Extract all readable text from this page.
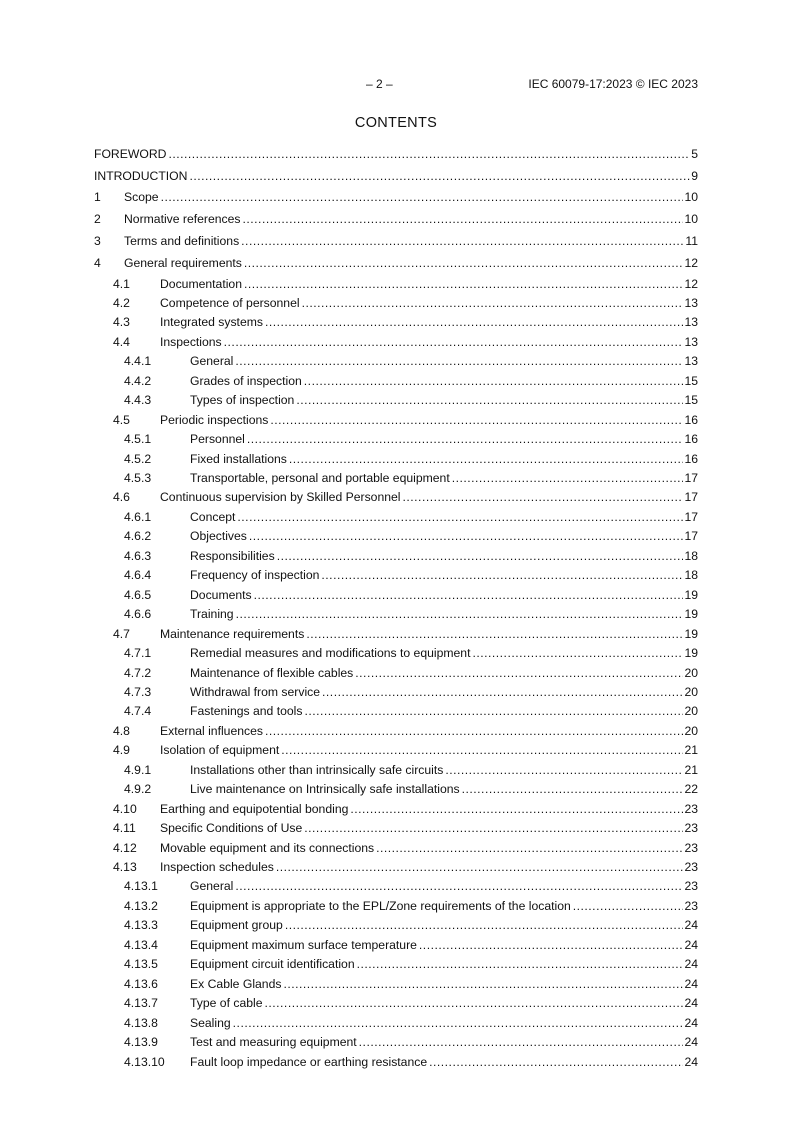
– 2 –	IEC 60079-17:2023 © IEC 2023
CONTENTS
FOREWORD .....	5
INTRODUCTION .....	9
1 Scope .....	10
2 Normative references .....	10
3 Terms and definitions .....	11
4 General requirements .....	12
4.1 Documentation .....	12
4.2 Competence of personnel .....	13
4.3 Integrated systems .....	13
4.4 Inspections .....	13
4.4.1	General .....	13
4.4.2	Grades of inspection .....	15
4.4.3	Types of inspection .....	15
4.5 Periodic inspections .....	16
4.5.1	Personnel .....	16
4.5.2	Fixed installations .....	16
4.5.3	Transportable, personal and portable equipment .....	17
4.6 Continuous supervision by Skilled Personnel .....	17
4.6.1	Concept .....	17
4.6.2	Objectives .....	17
4.6.3	Responsibilities .....	18
4.6.4	Frequency of inspection .....	18
4.6.5	Documents .....	19
4.6.6	Training .....	19
4.7 Maintenance requirements .....	19
4.7.1	Remedial measures and modifications to equipment .....	19
4.7.2	Maintenance of flexible cables .....	20
4.7.3	Withdrawal from service .....	20
4.7.4	Fastenings and tools .....	20
4.8 External influences .....	20
4.9 Isolation of equipment .....	21
4.9.1	Installations other than intrinsically safe circuits .....	21
4.9.2	Live maintenance on Intrinsically safe installations .....	22
4.10 Earthing and equipotential bonding .....	23
4.11 Specific Conditions of Use .....	23
4.12 Movable equipment and its connections .....	23
4.13 Inspection schedules .....	23
4.13.1	General .....	23
4.13.2	Equipment is appropriate to the EPL/Zone requirements of the location .....	23
4.13.3	Equipment group .....	24
4.13.4	Equipment maximum surface temperature .....	24
4.13.5	Equipment circuit identification .....	24
4.13.6	Ex Cable Glands .....	24
4.13.7	Type of cable .....	24
4.13.8	Sealing .....	24
4.13.9	Test and measuring equipment .....	24
4.13.10 Fault loop impedance or earthing resistance .....	24
